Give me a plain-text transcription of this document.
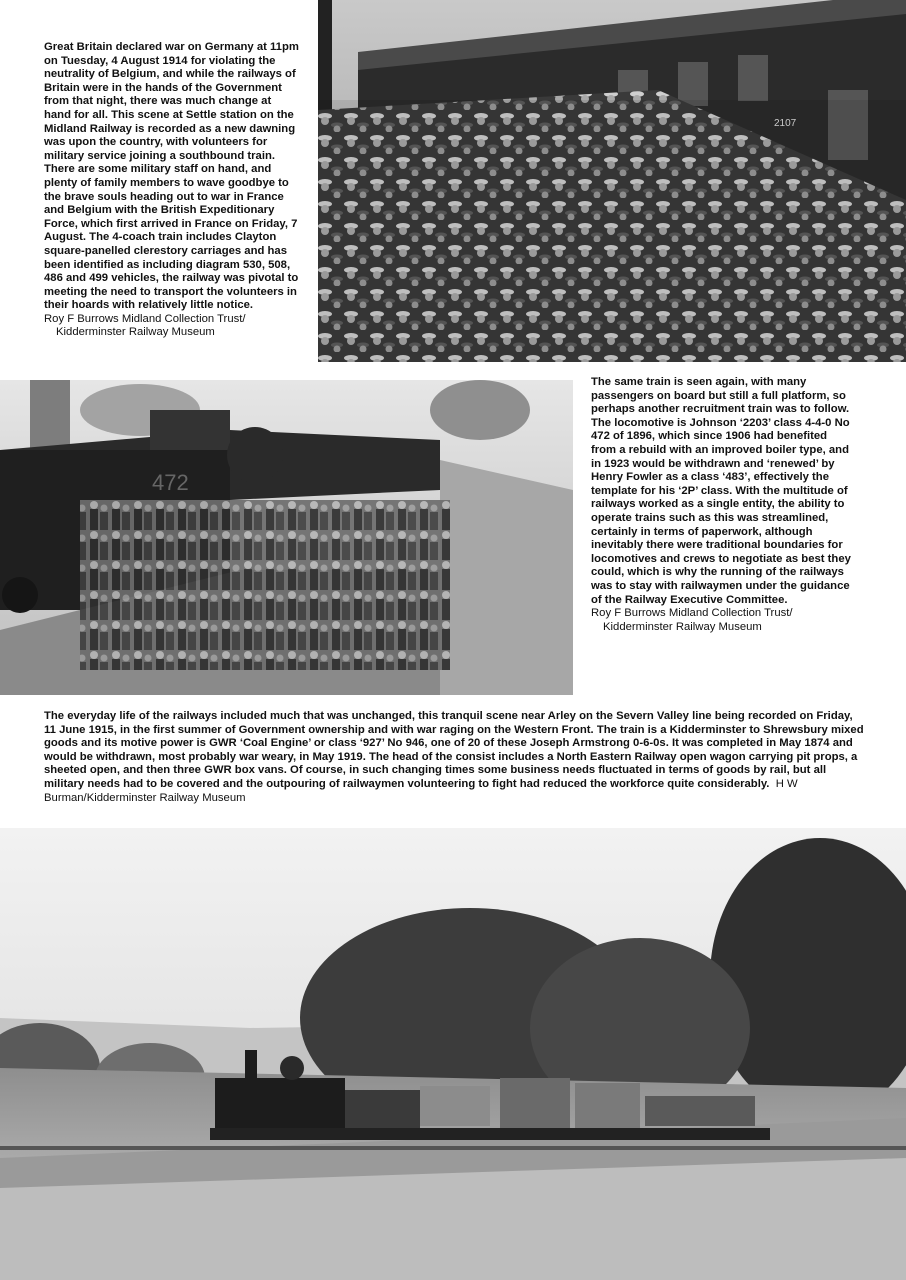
Great Britain declared war on Germany at 11pm on Tuesday, 4 August 1914 for violating the neutrality of Belgium, and while the railways of Britain were in the hands of the Government from that night, there was much change at hand for all. This scene at Settle station on the Midland Railway is recorded as a new dawning was upon the country, with volunteers for military service joining a southbound train. There are some military staff on hand, and plenty of family members to wave goodbye to the brave souls heading out to war in France and Belgium with the British Expeditionary Force, which first arrived in France on Friday, 7 August. The 4-coach train includes Clayton square-panelled clerestory carriages and has been identified as including diagram 530, 508, 486 and 499 vehicles, the railway was pivotal to meeting the need to transport the volunteers in their hoards with relatively little notice.
Roy F Burrows Midland Collection Trust/
Kidderminster Railway Museum
2107
472
The same train is seen again, with many passengers on board but still a full platform, so perhaps another recruitment train was to follow. The locomotive is Johnson ‘2203’ class 4-4-0 No 472 of 1896, which since 1906 had benefited from a rebuild with an improved boiler type, and in 1923 would be withdrawn and ‘renewed’ by Henry Fowler as a class ‘483’, effectively the template for his ‘2P’ class. With the multitude of railways worked as a single entity, the ability to operate trains such as this was streamlined, certainly in terms of paperwork, although inevitably there were traditional boundaries for locomotives and crews to negotiate as best they could, which is why the running of the railways was to stay with railwaymen under the guidance of the Railway Executive Committee.
Roy F Burrows Midland Collection Trust/
Kidderminster Railway Museum
The everyday life of the railways included much that was unchanged, this tranquil scene near Arley on the Severn Valley line being recorded on Friday, 11 June 1915, in the first summer of Government ownership and with war raging on the Western Front. The train is a Kidderminster to Shrewsbury mixed goods and its motive power is GWR ‘Coal Engine’ or class ‘927’ No 946, one of 20 of these Joseph Armstrong 0-6-0s. It was completed in May 1874 and would be withdrawn, most probably war weary, in May 1919. The head of the consist includes a North Eastern Railway open wagon carrying pit props, a sheeted open, and then three GWR box vans. Of course, in such changing times some business needs fluctuated in terms of goods by rail, but all military needs had to be covered and the outpouring of railwaymen volunteering to fight had reduced the workforce quite considerably. H W Burman/Kidderminster Railway Museum
